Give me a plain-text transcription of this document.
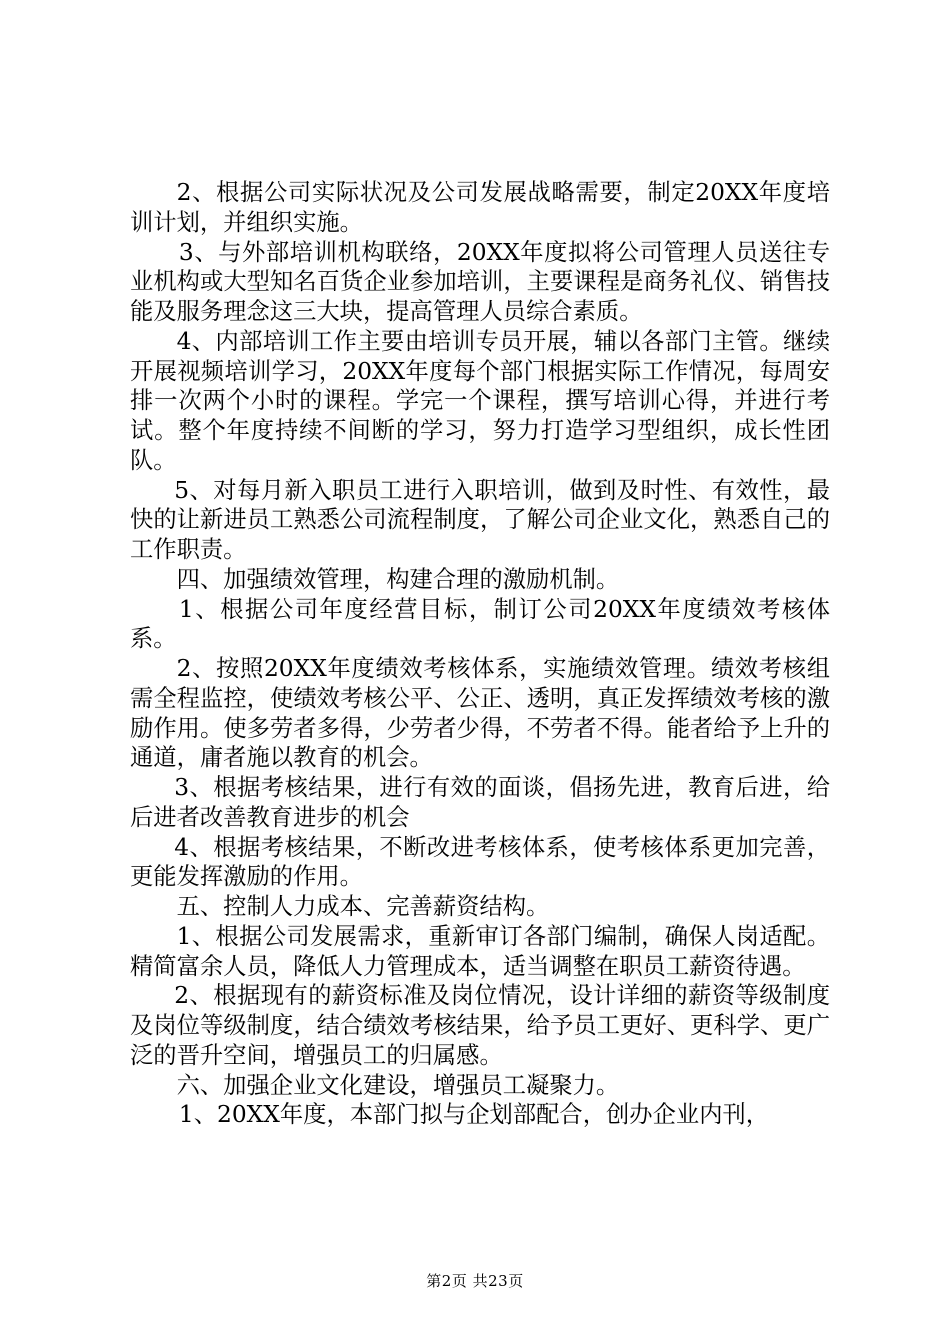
2、根据公司实际状况及公司发展战略需要，制定20XX年度培训计划，并组织实施。

3、与外部培训机构联络，20XX年度拟将公司管理人员送往专业机构或大型知名百货企业参加培训，主要课程是商务礼仪、销售技能及服务理念这三大块，提高管理人员综合素质。

4、内部培训工作主要由培训专员开展，辅以各部门主管。继续开展视频培训学习，20XX年度每个部门根据实际工作情况，每周安排一次两个小时的课程。学完一个课程，撰写培训心得，并进行考试。整个年度持续不间断的学习，努力打造学习型组织，成长性团队。

5、对每月新入职员工进行入职培训，做到及时性、有效性，最快的让新进员工熟悉公司流程制度，了解公司企业文化，熟悉自己的工作职责。

四、加强绩效管理，构建合理的激励机制。

1、根据公司年度经营目标，制订公司20XX年度绩效考核体系。

2、按照20XX年度绩效考核体系，实施绩效管理。绩效考核组需全程监控，使绩效考核公平、公正、透明，真正发挥绩效考核的激励作用。使多劳者多得，少劳者少得，不劳者不得。能者给予上升的通道，庸者施以教育的机会。

3、根据考核结果，进行有效的面谈，倡扬先进，教育后进，给后进者改善教育进步的机会

4、根据考核结果，不断改进考核体系，使考核体系更加完善，更能发挥激励的作用。

五、控制人力成本、完善薪资结构。

1、根据公司发展需求，重新审订各部门编制，确保人岗适配。精简富余人员，降低人力管理成本，适当调整在职员工薪资待遇。

2、根据现有的薪资标准及岗位情况，设计详细的薪资等级制度及岗位等级制度，结合绩效考核结果，给予员工更好、更科学、更广泛的晋升空间，增强员工的归属感。

六、加强企业文化建设，增强员工凝聚力。

1、20XX年度，本部门拟与企划部配合，创办企业内刊，

第2页 共23页
